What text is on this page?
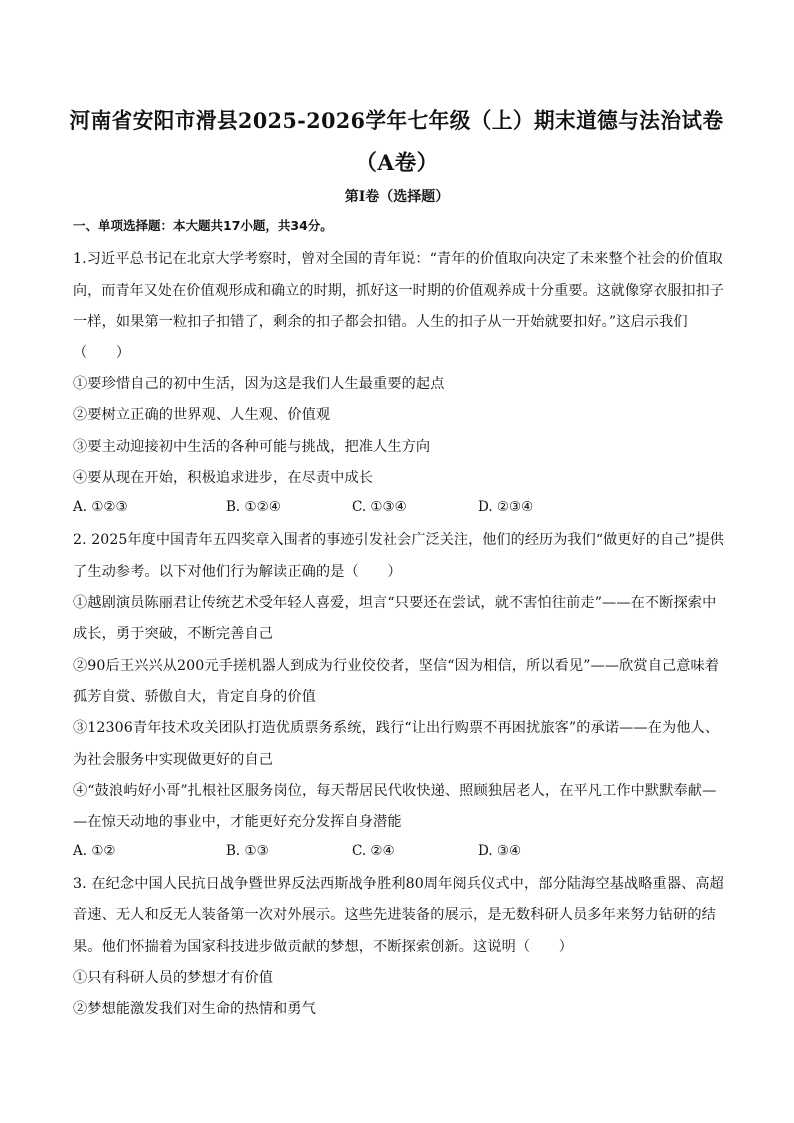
河南省安阳市滑县2025-2026学年七年级（上）期末道德与法治试卷
（A卷）
第Ⅰ卷（选择题）
一、单项选择题：本大题共17小题，共34分。
1.习近平总书记在北京大学考察时，曾对全国的青年说：“青年的价值取向决定了未来整个社会的价值取
向，而青年又处在价值观形成和确立的时期，抓好这一时期的价值观养成十分重要。这就像穿衣服扣扣子
一样，如果第一粒扣子扣错了，剩余的扣子都会扣错。人生的扣子从一开始就要扣好。”这启示我们
（　　）
①要珍惜自己的初中生活，因为这是我们人生最重要的起点
②要树立正确的世界观、人生观、价值观
③要主动迎接初中生活的各种可能与挑战，把准人生方向
④要从现在开始，积极追求进步，在尽责中成长
A. ①②③	B. ①②④	C. ①③④	D. ②③④
2. 2025年度中国青年五四奖章入围者的事迹引发社会广泛关注，他们的经历为我们“做更好的自己”提供
了生动参考。以下对他们行为解读正确的是（　　）
①越剧演员陈丽君让传统艺术受年轻人喜爱，坦言“只要还在尝试，就不害怕往前走”——在不断探索中
成长，勇于突破，不断完善自己
②90后王兴兴从200元手搓机器人到成为行业佼佼者，坚信“因为相信，所以看见”——欣赏自己意味着
孤芳自赏、骄傲自大，肯定自身的价值
③12306青年技术攻关团队打造优质票务系统，践行“让出行购票不再困扰旅客”的承诺——在为他人、
为社会服务中实现做更好的自己
④“鼓浪屿好小哥”扎根社区服务岗位，每天帮居民代收快递、照顾独居老人，在平凡工作中默默奉献—
—在惊天动地的事业中，才能更好充分发挥自身潜能
A. ①②	B. ①③	C. ②④	D. ③④
3. 在纪念中国人民抗日战争暨世界反法西斯战争胜利80周年阅兵仪式中，部分陆海空基战略重器、高超
音速、无人和反无人装备第一次对外展示。这些先进装备的展示，是无数科研人员多年来努力钻研的结
果。他们怀揣着为国家科技进步做贡献的梦想，不断探索创新。这说明（　　）
①只有科研人员的梦想才有价值
②梦想能激发我们对生命的热情和勇气
